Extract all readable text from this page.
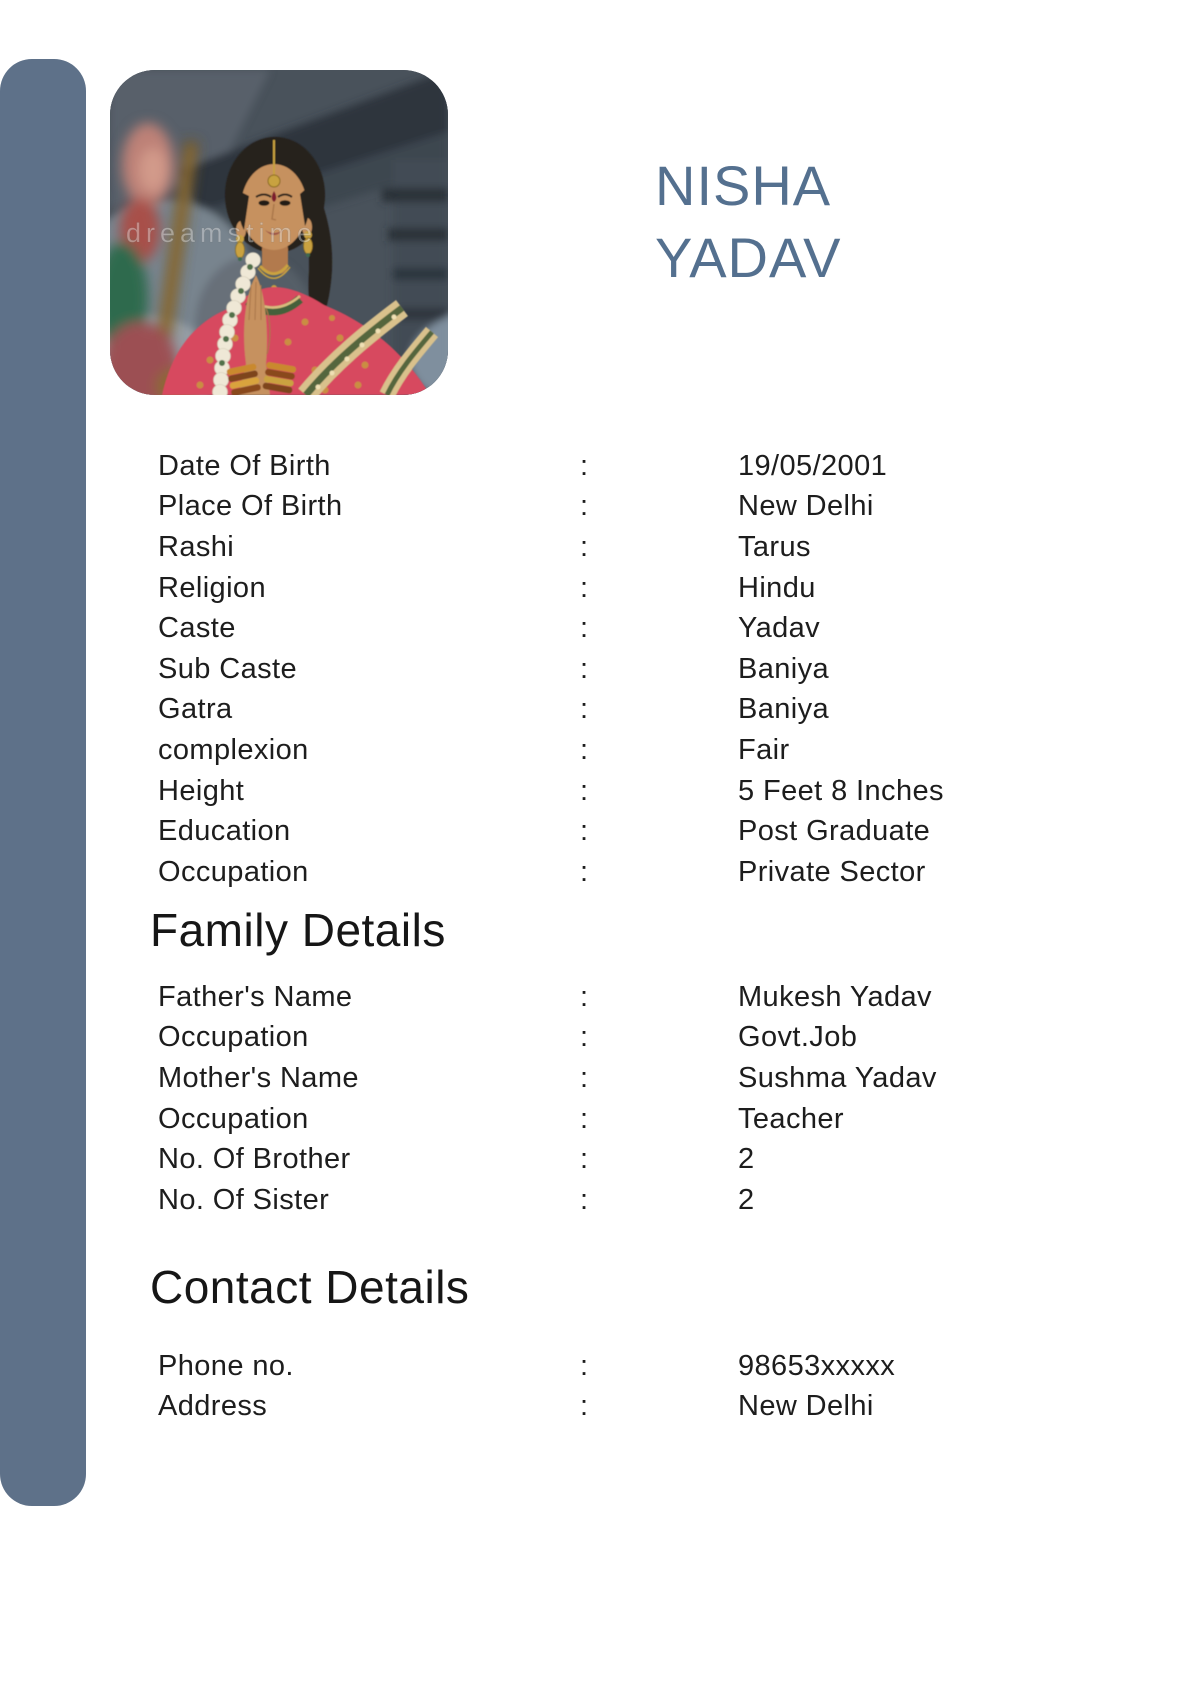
dreamstime
NISHA
YADAV
Date Of Birth	:	19/05/2001
Place Of Birth	:	New Delhi
Rashi	:	Tarus
Religion	:	Hindu
Caste	:	Yadav
Sub Caste	:	Baniya
Gatra	:	Baniya
complexion	:	Fair
Height	:	5 Feet 8 Inches
Education	:	Post Graduate
Occupation	:	Private Sector
Family Details
Father's Name	:	Mukesh Yadav
Occupation	:	Govt.Job
Mother's Name	:	Sushma Yadav
Occupation	:	Teacher
No. Of Brother	:	2
No. Of Sister	:	2
Contact Details
Phone no.	:	98653xxxxx
Address	:	New Delhi
